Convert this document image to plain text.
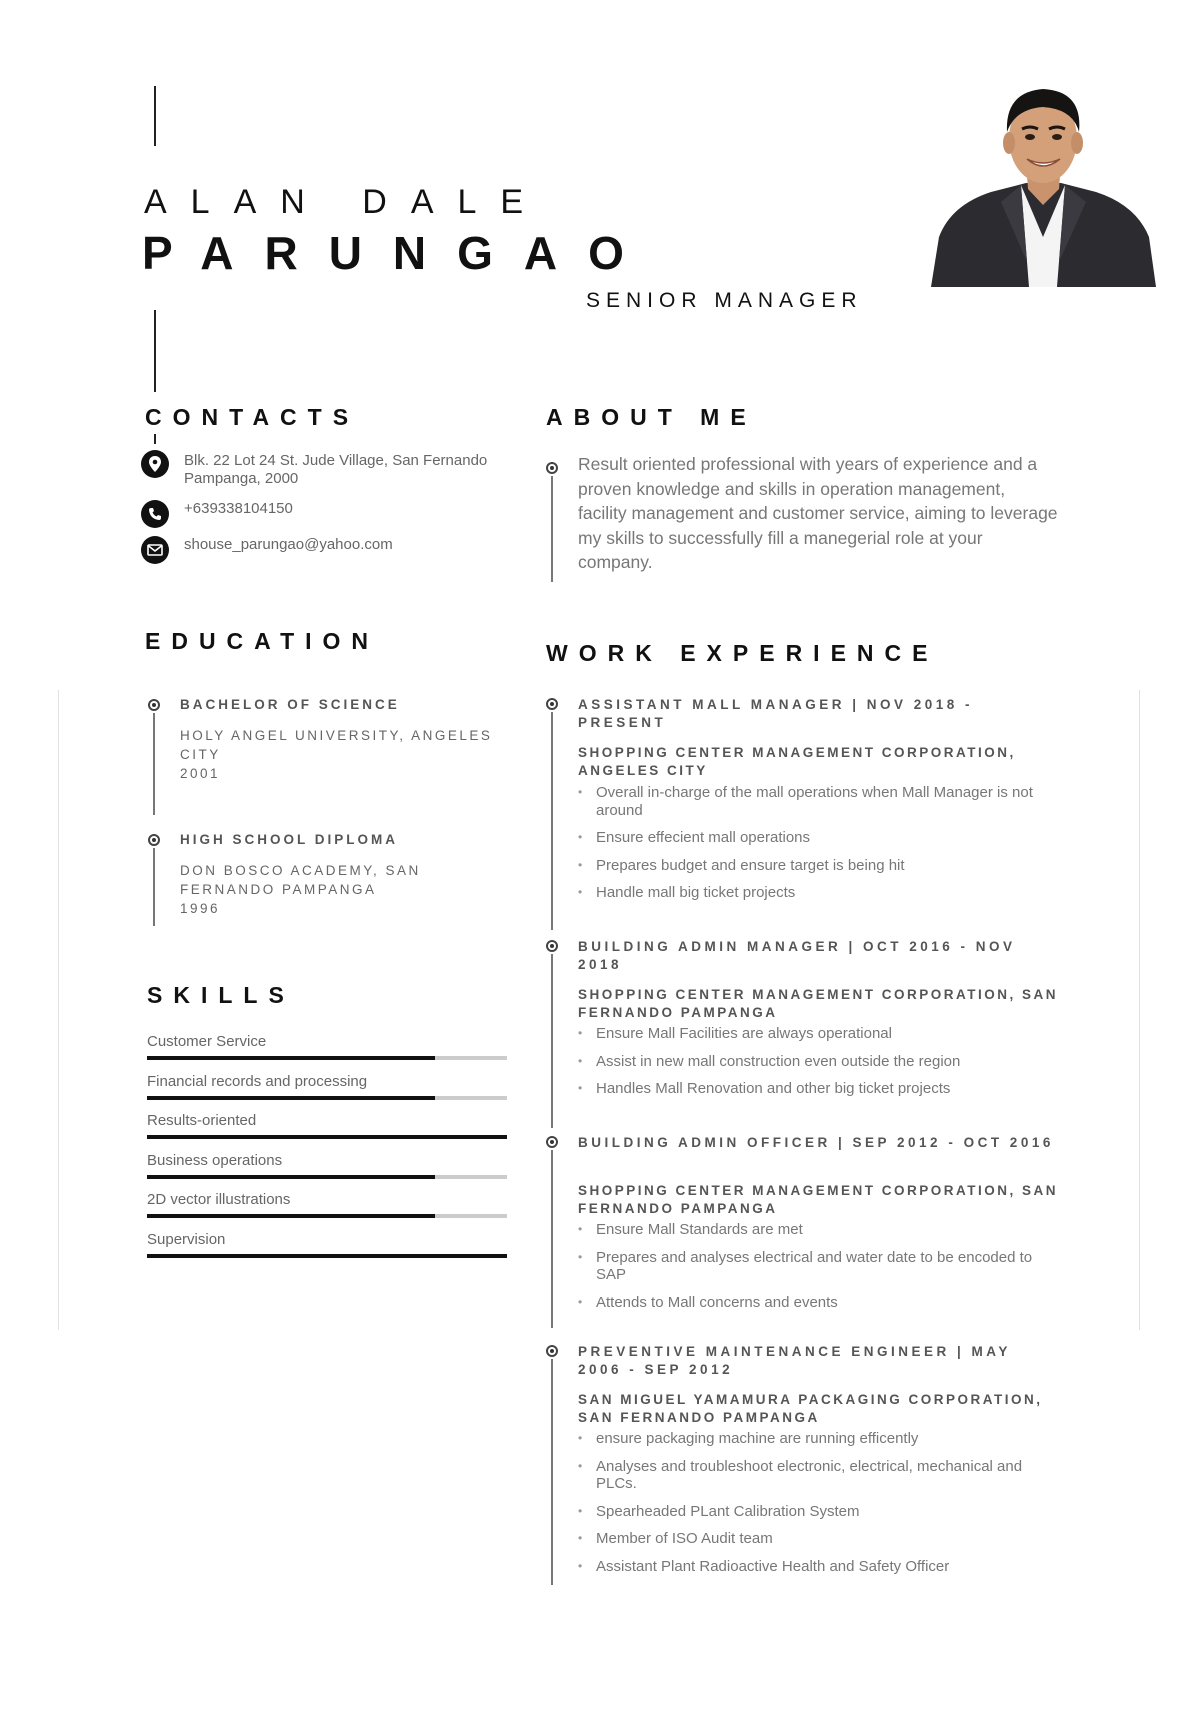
ALAN DALE
PARUNGAO
SENIOR MANAGER
CONTACTS
Blk. 22 Lot 24 St. Jude Village, San Fernando Pampanga, 2000
+639338104150
shouse_parungao@yahoo.com
ABOUT ME
Result oriented professional with years of experience and a proven knowledge and skills in operation management, facility management and customer service, aiming to leverage my skills to successfully fill a manegerial role at your company.
EDUCATION
BACHELOR OF SCIENCE
HOLY ANGEL UNIVERSITY, ANGELES CITY
2001
HIGH SCHOOL DIPLOMA
DON BOSCO ACADEMY, SAN FERNANDO PAMPANGA
1996
SKILLS
Customer Service
Financial records and processing
Results-oriented
Business operations
2D vector illustrations
Supervision
WORK EXPERIENCE
ASSISTANT MALL MANAGER | NOV 2018 - PRESENT
SHOPPING CENTER MANAGEMENT CORPORATION, ANGELES CITY
• Overall in-charge of the mall operations when Mall Manager is not around
• Ensure effecient mall operations
• Prepares budget and ensure target is being hit
• Handle mall big ticket projects
BUILDING ADMIN MANAGER | OCT 2016 - NOV 2018
SHOPPING CENTER MANAGEMENT CORPORATION, SAN FERNANDO PAMPANGA
• Ensure Mall Facilities are always operational
• Assist in new mall construction even outside the region
• Handles Mall Renovation and other big ticket projects
BUILDING ADMIN OFFICER | SEP 2012 - OCT 2016
SHOPPING CENTER MANAGEMENT CORPORATION, SAN FERNANDO PAMPANGA
• Ensure Mall Standards are met
• Prepares and analyses electrical and water date to be encoded to SAP
• Attends to Mall concerns and events
PREVENTIVE MAINTENANCE ENGINEER | MAY 2006 - SEP 2012
SAN MIGUEL YAMAMURA PACKAGING CORPORATION, SAN FERNANDO PAMPANGA
• ensure packaging machine are running efficently
• Analyses and troubleshoot electronic, electrical, mechanical and PLCs.
• Spearheaded PLant Calibration System
• Member of ISO Audit team
• Assistant Plant Radioactive Health and Safety Officer
